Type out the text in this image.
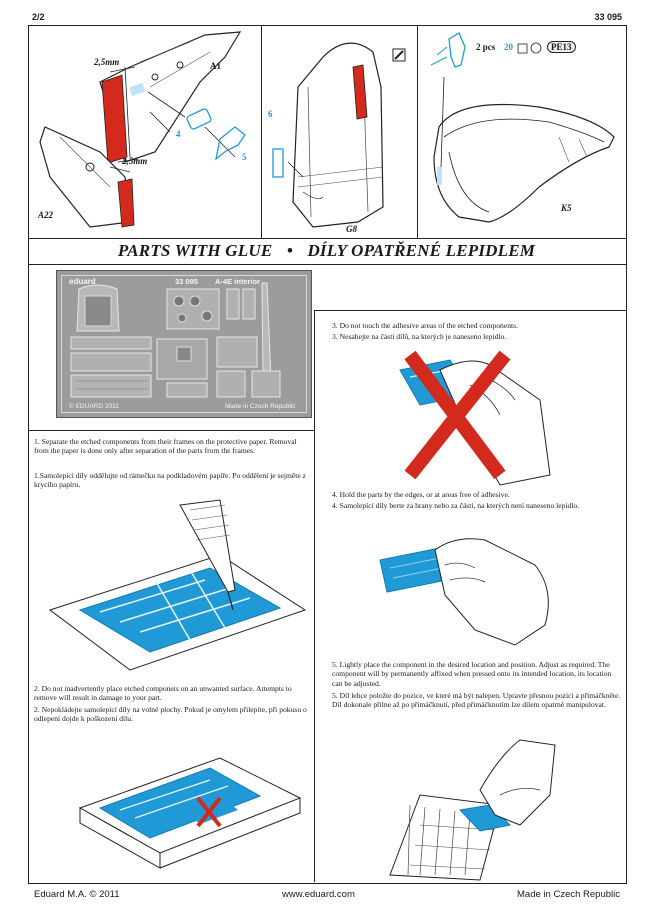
2/2	33 095
2,5mm
2,5mm
A1
A22
4
5
6
G8
2 pcs 20	PE13
K5
PARTS WITH GLUE • DÍLY OPATŘENÉ LEPIDLEM
eduard	33 095 A-4E interior
© EDUARD 2011	Made in Czech Republic
1. Separate the etched components from their frames on the protective paper. Removal from the paper is done only after separation of the parts from the frames.
1.Samolepící díly oddělujte od rámečku na podkladovém papíře. Po oddělení je sejměte z krycího papíru.
2. Do not inadvertently place etched componets on an unwanted surface. Attempts to remove will result in damage to your part.
2. Nepokládejte samolepící díly na volné plochy. Pokud je omylem přilepíte, při pokusu o odlepení dojde k poškození dílu.
3. Do not touch the adhesive areas of the etched components.
3. Nesahejte na části dílů, na kterých je naneseno lepidlo.
4. Hold the parts by the edges, or at areas free of adhesive.
4. Samolepící díly berte za hrany nebo za části, na kterých není naneseno lepidlo.
5. Lightly place the component in the desired location and position. Adjust as required. The component will by permanently affixed when pressed onto its intended location, its location can be adjusted.
5. Díl lehce položte do pozice, ve které má být nalepen. Upravte přesnou pozici a přimáčkněte. Díl dokonale přilne až po přimáčknutí, před přimáčknutím lze dílem opatrně manipulovat.
Eduard M.A. © 2011	www.eduard.com	Made in Czech Republic
